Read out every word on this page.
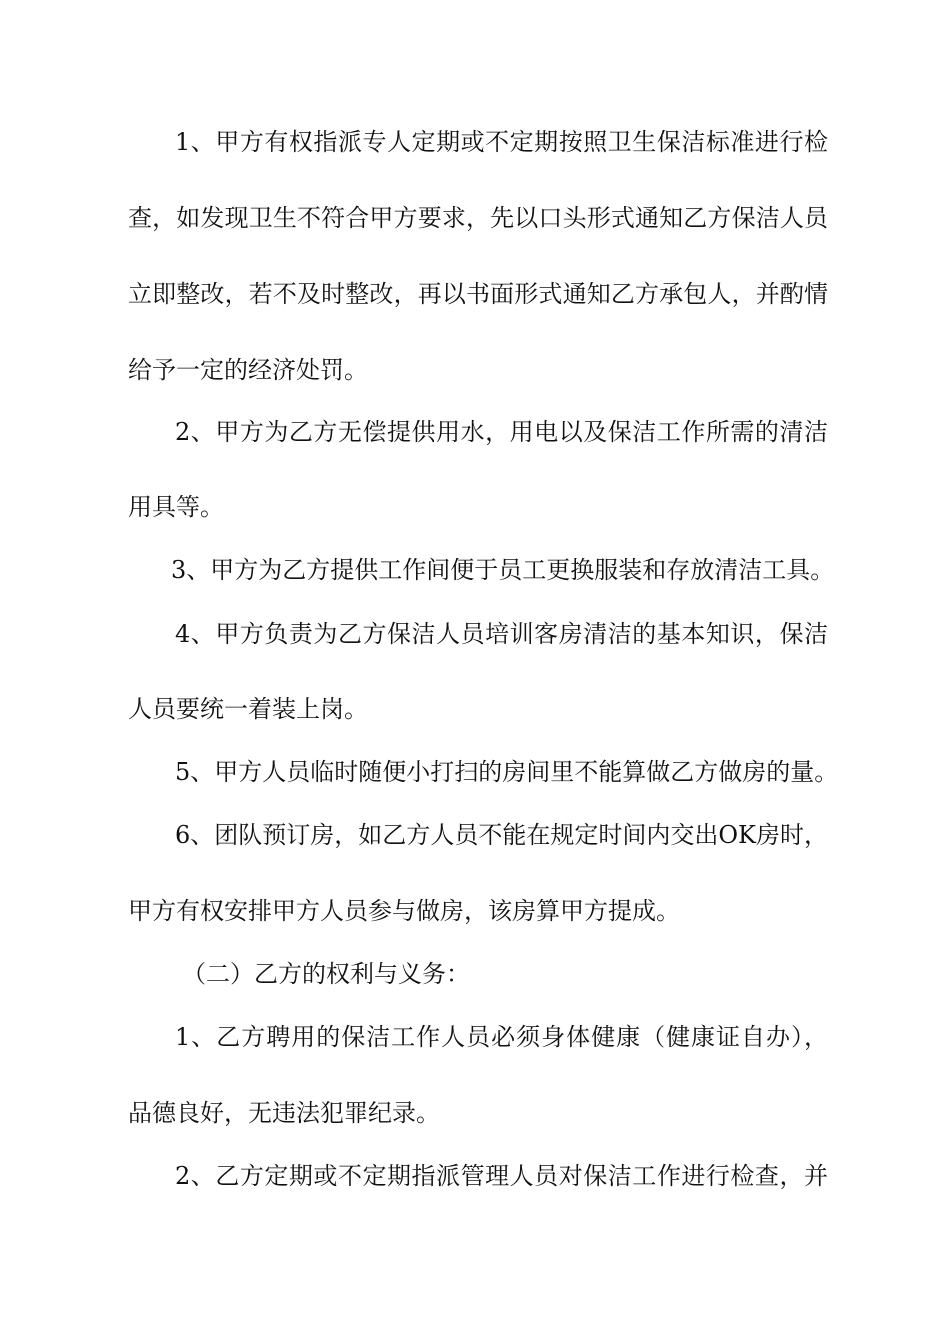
1、甲方有权指派专人定期或不定期按照卫生保洁标准进行检
查，如发现卫生不符合甲方要求，先以口头形式通知乙方保洁人员
立即整改，若不及时整改，再以书面形式通知乙方承包人，并酌情
给予一定的经济处罚。
2、甲方为乙方无偿提供用水，用电以及保洁工作所需的清洁
用具等。
3、甲方为乙方提供工作间便于员工更换服装和存放清洁工具。
4、甲方负责为乙方保洁人员培训客房清洁的基本知识，保洁
人员要统一着装上岗。
5、甲方人员临时随便小打扫的房间里不能算做乙方做房的量。
6、团队预订房，如乙方人员不能在规定时间内交出OK房时，
甲方有权安排甲方人员参与做房，该房算甲方提成。
（二）乙方的权利与义务：
1、乙方聘用的保洁工作人员必须身体健康（健康证自办），
品德良好，无违法犯罪纪录。
2、乙方定期或不定期指派管理人员对保洁工作进行检查，并
